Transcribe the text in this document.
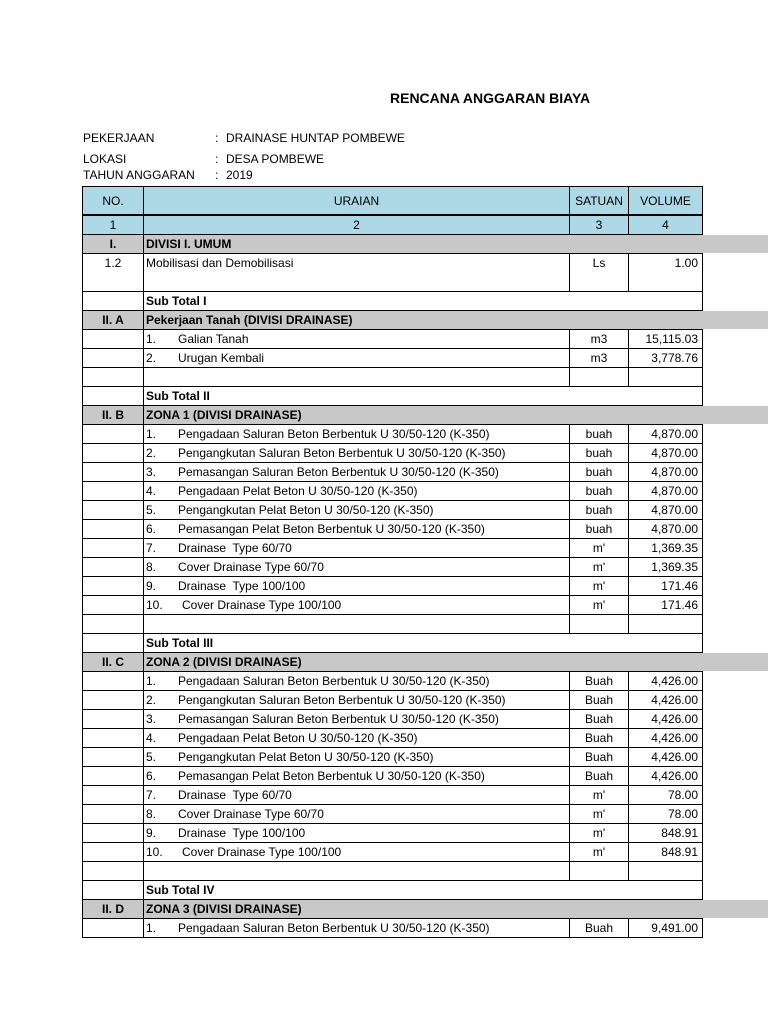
RENCANA ANGGARAN BIAYA
PEKERJAAN	: DRAINASE HUNTAP POMBEWE
LOKASI	: DESA POMBEWE
TAHUN ANGGARAN : 2019
NO.	URAIAN	SATUAN	VOLUME
1	2	3	4
I.	DIVISI I. UMUM
1.2	Mobilisasi dan Demobilisasi	Ls	1.00
Sub Total I
II. A	Pekerjaan Tanah (DIVISI DRAINASE)
1. Galian Tanah	m3	15,115.03
2. Urugan Kembali	m3	3,778.76
Sub Total II
II. B	ZONA 1 (DIVISI DRAINASE)
1. Pengadaan Saluran Beton Berbentuk U 30/50-120 (K-350)	buah	4,870.00
2. Pengangkutan Saluran Beton Berbentuk U 30/50-120 (K-350)	buah	4,870.00
3. Pemasangan Saluran Beton Berbentuk U 30/50-120 (K-350)	buah	4,870.00
4. Pengadaan Pelat Beton U 30/50-120 (K-350)	buah	4,870.00
5. Pengangkutan Pelat Beton U 30/50-120 (K-350)	buah	4,870.00
6. Pemasangan Pelat Beton Berbentuk U 30/50-120 (K-350)	buah	4,870.00
7. Drainase  Type 60/70	m'	1,369.35
8. Cover Drainase Type 60/70	m'	1,369.35
9. Drainase  Type 100/100	m'	171.46
10. Cover Drainase Type 100/100	m'	171.46
Sub Total III
II. C	ZONA 2 (DIVISI DRAINASE)
1. Pengadaan Saluran Beton Berbentuk U 30/50-120 (K-350)	Buah	4,426.00
2. Pengangkutan Saluran Beton Berbentuk U 30/50-120 (K-350)	Buah	4,426.00
3. Pemasangan Saluran Beton Berbentuk U 30/50-120 (K-350)	Buah	4,426.00
4. Pengadaan Pelat Beton U 30/50-120 (K-350)	Buah	4,426.00
5. Pengangkutan Pelat Beton U 30/50-120 (K-350)	Buah	4,426.00
6. Pemasangan Pelat Beton Berbentuk U 30/50-120 (K-350)	Buah	4,426.00
7. Drainase  Type 60/70	m'	78.00
8. Cover Drainase Type 60/70	m'	78.00
9. Drainase  Type 100/100	m'	848.91
10. Cover Drainase Type 100/100	m'	848.91
Sub Total IV
II. D	ZONA 3 (DIVISI DRAINASE)
1. Pengadaan Saluran Beton Berbentuk U 30/50-120 (K-350)	Buah	9,491.00
